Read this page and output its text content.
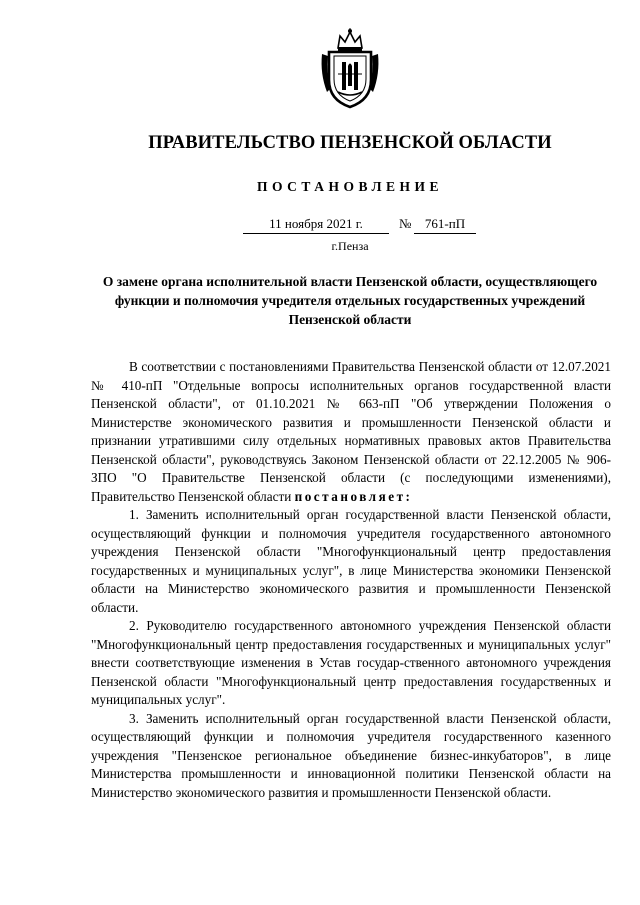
ПРАВИТЕЛЬСТВО ПЕНЗЕНСКОЙ ОБЛАСТИ
ПОСТАНОВЛЕНИЕ
11 ноября 2021 г.	№	761-пП
г.Пенза
О замене органа исполнительной власти Пензенской области, осуществляющего функции и полномочия учредителя отдельных государственных учреждений Пензенской области

В соответствии с постановлениями Правительства Пензенской области от 12.07.2021 № 410-пП "Отдельные вопросы исполнительных органов государственной власти Пензенской области", от 01.10.2021 № 663-пП "Об утверждении Положения о Министерстве экономического развития и промышленности Пензенской области и признании утратившими силу отдельных нормативных правовых актов Правительства Пензенской области", руководствуясь Законом Пензенской области от 22.12.2005 № 906-ЗПО "О Правительстве Пензенской области (с последующими изменениями), Правительство Пензенской области постановляет:

1. Заменить исполнительный орган государственной власти Пензенской области, осуществляющий функции и полномочия учредителя государственного автономного учреждения Пензенской области "Многофункциональный центр предоставления государственных и муниципальных услуг", в лице Министерства экономики Пензенской области на Министерство экономического развития и промышленности Пензенской области.

2. Руководителю государственного автономного учреждения Пензенской области "Многофункциональный центр предоставления государственных и муниципальных услуг" внести соответствующие изменения в Устав государ-ственного автономного учреждения Пензенской области "Многофункциональный центр предоставления государственных и муниципальных услуг".

3. Заменить исполнительный орган государственной власти Пензенской области, осуществляющий функции и полномочия учредителя государственного казенного учреждения "Пензенское региональное объединение бизнес-инкубаторов", в лице Министерства промышленности и инновационной политики Пензенской области на Министерство экономического развития и промышленности Пензенской области.
